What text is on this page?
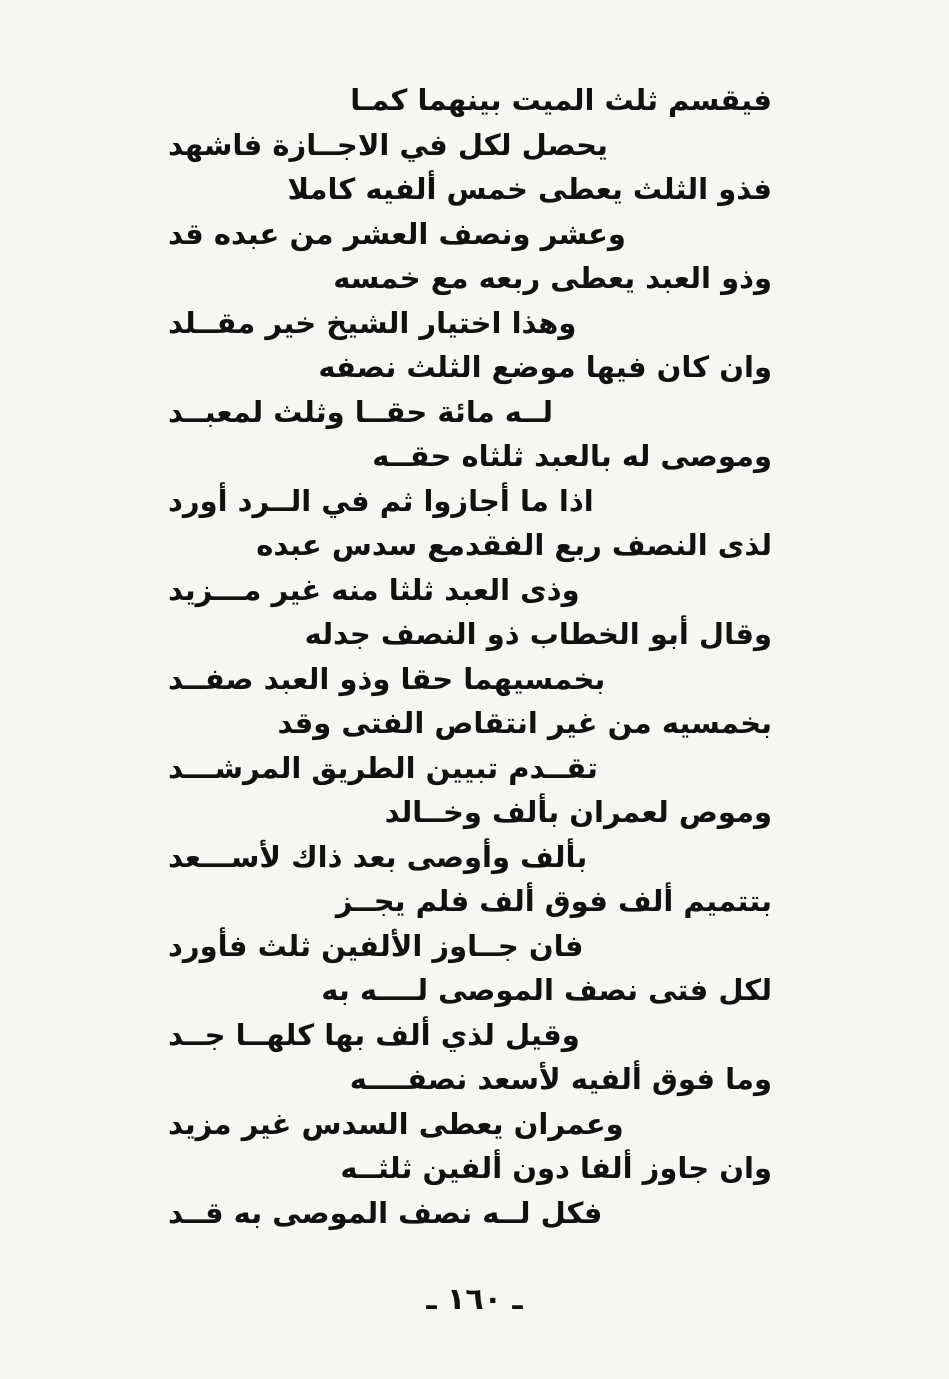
فيقسم ثلث الميت بينهما كمـا
يحصل لكل في الاجــازة فاشهد
فذو الثلث يعطى خمس ألفيه كاملا
وعشر ونصف العشر من عبده قد
وذو العبد يعطى ربعه مع خمسه
وهذا اختيار الشيخ خير مقــلد
وان كان فيها موضع الثلث نصفه
لــه مائة حقــا وثلث لمعبــد
وموصى له بالعبد ثلثاه حقــه
اذا ما أجازوا ثم في الــرد أورد
لذى النصف ربع الفقدمع سدس عبده
وذى العبد ثلثا منه غير مـــزيد
وقال أبو الخطاب ذو النصف جدله
بخمسيهما حقا وذو العبد صفــد
بخمسيه من غير انتقاص الفتى وقد
تقــدم تبيين الطريق المرشـــد
وموص لعمران بألف وخــالد
بألف وأوصى بعد ذاك لأســـعد
بتتميم ألف فوق ألف فلم يجــز
فان جــاوز الألفين ثلث فأورد
لكل فتى نصف الموصى لــــه به
وقيل لذي ألف بها كلهــا جــد
وما فوق ألفيه لأسعد نصفــــه
وعمران يعطى السدس غير مزيد
وان جاوز ألفا دون ألفين ثلثــه
فكل لــه نصف الموصى به قــد
ـ ١٦٠ ـ
